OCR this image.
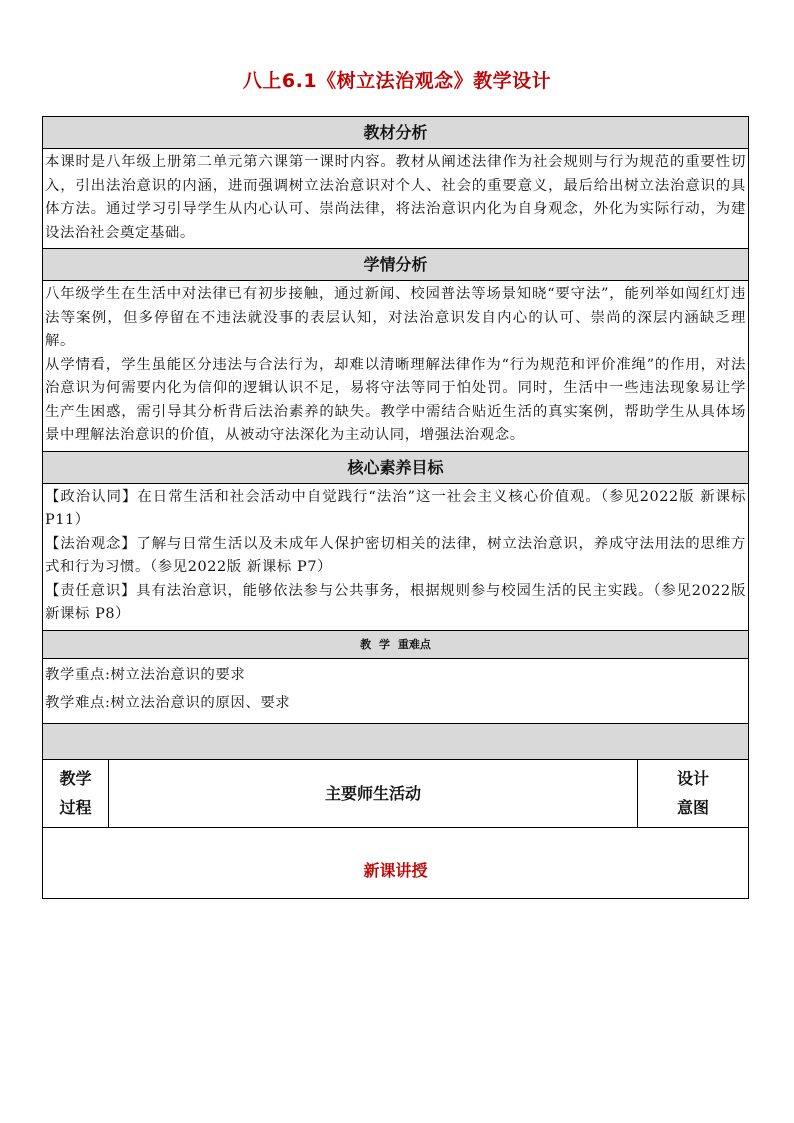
八上6.1《树立法治观念》教学设计
教材分析

本课时是八年级上册第二单元第六课第一课时内容。教材从阐述法律作为社会规则与行为规范的重要性切入，引出法治意识的内涵，进而强调树立法治意识对个人、社会的重要意义，最后给出树立法治意识的具体方法。通过学习引导学生从内心认可、崇尚法律，将法治意识内化为自身观念，外化为实际行动，为建设法治社会奠定基础。

学情分析

八年级学生在生活中对法律已有初步接触，通过新闻、校园普法等场景知晓“要守法”，能列举如闯红灯违法等案例，但多停留在不违法就没事的表层认知，对法治意识发自内心的认可、崇尚的深层内涵缺乏理解。

从学情看，学生虽能区分违法与合法行为，却难以清晰理解法律作为“行为规范和评价准绳”的作用，对法治意识为何需要内化为信仰的逻辑认识不足，易将守法等同于怕处罚。同时，生活中一些违法现象易让学生产生困惑，需引导其分析背后法治素养的缺失。教学中需结合贴近生活的真实案例，帮助学生从具体场景中理解法治意识的价值，从被动守法深化为主动认同，增强法治观念。

核心素养目标

【政治认同】在日常生活和社会活动中自觉践行“法治”这一社会主义核心价值观。（参见2022版 新课标 P11）

【法治观念】了解与日常生活以及未成年人保护密切相关的法律，树立法治意识，养成守法用法的思维方式和行为习惯。（参见2022版 新课标 P7）

【责任意识】具有法治意识，能够依法参与公共事务，根据规则参与校园生活的民主实践。（参见2022版 新课标 P8）

教 学 重难点

教学重点:树立法治意识的要求

教学难点:树立法治意识的原因、要求

教学过程
主要师生活动
设计意图
新课讲授
